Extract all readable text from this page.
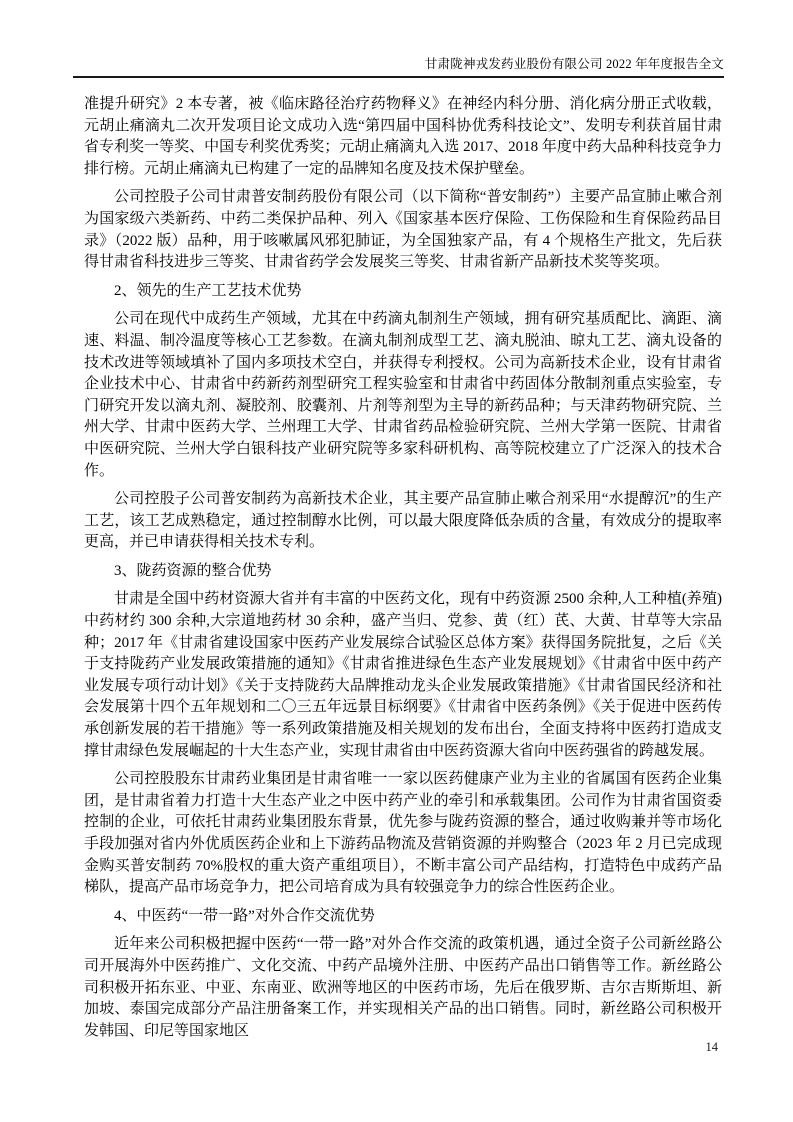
甘肃陇神戎发药业股份有限公司 2022 年年度报告全文

准提升研究》2 本专著，被《临床路径治疗药物释义》在神经内科分册、消化病分册正式收载，元胡止痛滴丸二次开发项目论文成功入选“第四届中国科协优秀科技论文”、发明专利获首届甘肃省专利奖一等奖、中国专利奖优秀奖；元胡止痛滴丸入选 2017、2018 年度中药大品种科技竞争力排行榜。元胡止痛滴丸已构建了一定的品牌知名度及技术保护壁垒。

公司控股子公司甘肃普安制药股份有限公司（以下简称“普安制药”）主要产品宣肺止嗽合剂为国家级六类新药、中药二类保护品种、列入《国家基本医疗保险、工伤保险和生育保险药品目录》（2022 版）品种，用于咳嗽属风邪犯肺证，为全国独家产品，有 4 个规格生产批文，先后获得甘肃省科技进步三等奖、甘肃省药学会发展奖三等奖、甘肃省新产品新技术奖等奖项。

2、领先的生产工艺技术优势

公司在现代中成药生产领域，尤其在中药滴丸制剂生产领域，拥有研究基质配比、滴距、滴速、料温、制冷温度等核心工艺参数。在滴丸制剂成型工艺、滴丸脱油、晾丸工艺、滴丸设备的技术改进等领域填补了国内多项技术空白，并获得专利授权。公司为高新技术企业，设有甘肃省企业技术中心、甘肃省中药新药剂型研究工程实验室和甘肃省中药固体分散制剂重点实验室，专门研究开发以滴丸剂、凝胶剂、胶囊剂、片剂等剂型为主导的新药品种；与天津药物研究院、兰州大学、甘肃中医药大学、兰州理工大学、甘肃省药品检验研究院、兰州大学第一医院、甘肃省中医研究院、兰州大学白银科技产业研究院等多家科研机构、高等院校建立了广泛深入的技术合作。

公司控股子公司普安制药为高新技术企业，其主要产品宣肺止嗽合剂采用“水提醇沉”的生产工艺，该工艺成熟稳定，通过控制醇水比例，可以最大限度降低杂质的含量，有效成分的提取率更高，并已申请获得相关技术专利。

3、陇药资源的整合优势

甘肃是全国中药材资源大省并有丰富的中医药文化，现有中药资源 2500 余种,人工种植(养殖)中药材约 300 余种,大宗道地药材 30 余种，盛产当归、党参、黄（红）芪、大黄、甘草等大宗品种；2017 年《甘肃省建设国家中医药产业发展综合试验区总体方案》获得国务院批复，之后《关于支持陇药产业发展政策措施的通知》《甘肃省推进绿色生态产业发展规划》《甘肃省中医中药产业发展专项行动计划》《关于支持陇药大品牌推动龙头企业发展政策措施》《甘肃省国民经济和社会发展第十四个五年规划和二〇三五年远景目标纲要》《甘肃省中医药条例》《关于促进中医药传承创新发展的若干措施》等一系列政策措施及相关规划的发布出台，全面支持将中医药打造成支撑甘肃绿色发展崛起的十大生态产业，实现甘肃省由中医药资源大省向中医药强省的跨越发展。

公司控股股东甘肃药业集团是甘肃省唯一一家以医药健康产业为主业的省属国有医药企业集团，是甘肃省着力打造十大生态产业之中医中药产业的牵引和承载集团。公司作为甘肃省国资委控制的企业，可依托甘肃药业集团股东背景，优先参与陇药资源的整合，通过收购兼并等市场化手段加强对省内外优质医药企业和上下游药品物流及营销资源的并购整合（2023 年 2 月已完成现金购买普安制药 70%股权的重大资产重组项目），不断丰富公司产品结构，打造特色中成药产品梯队，提高产品市场竞争力，把公司培育成为具有较强竞争力的综合性医药企业。

4、中医药“一带一路”对外合作交流优势

近年来公司积极把握中医药“一带一路”对外合作交流的政策机遇，通过全资子公司新丝路公司开展海外中医药推广、文化交流、中药产品境外注册、中医药产品出口销售等工作。新丝路公司积极开拓东亚、中亚、东南亚、欧洲等地区的中医药市场，先后在俄罗斯、吉尔吉斯斯坦、新加坡、泰国完成部分产品注册备案工作，并实现相关产品的出口销售。同时，新丝路公司积极开发韩国、印尼等国家地区

14
